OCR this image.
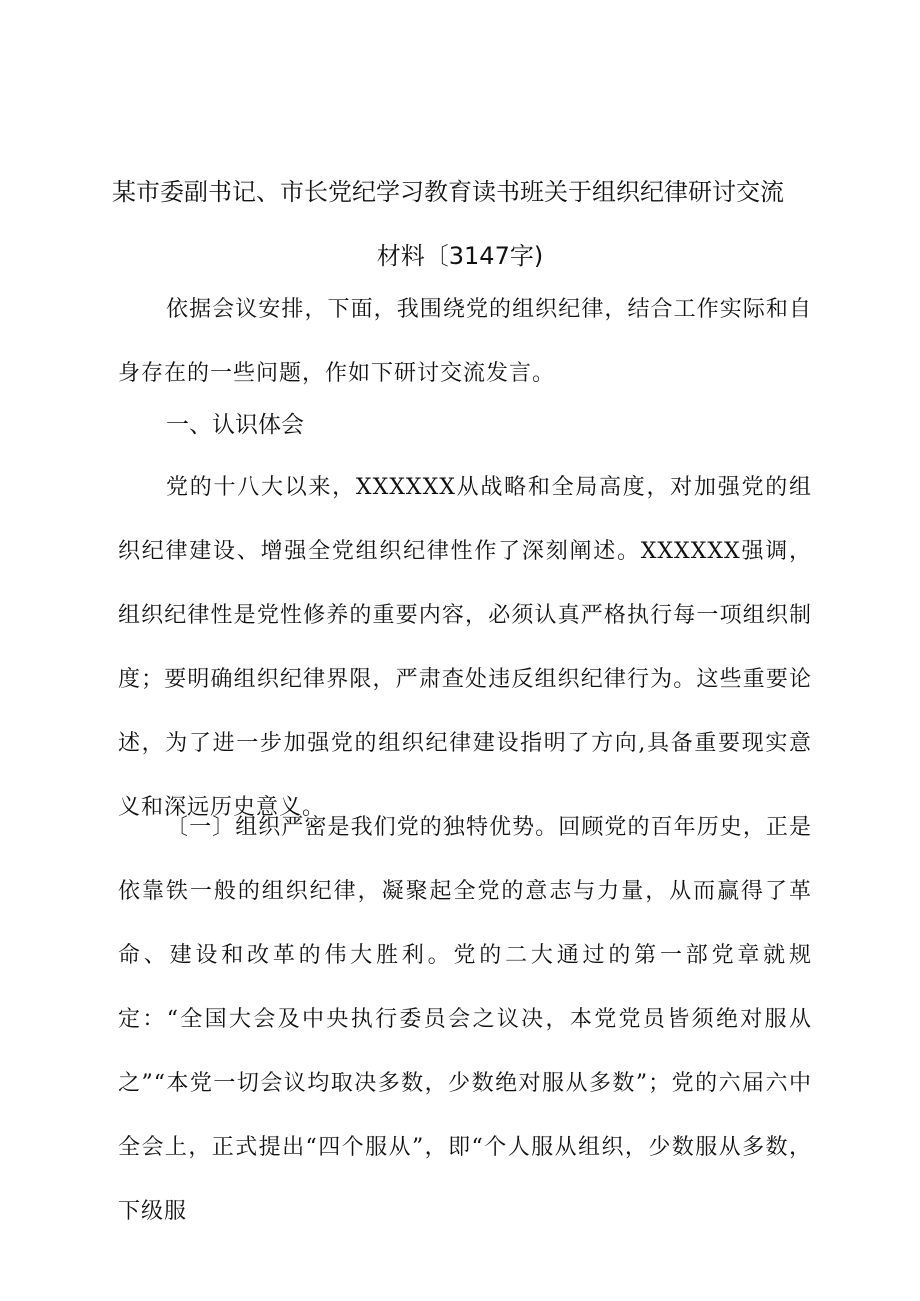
某市委副书记、市长党纪学习教育读书班关于组织纪律研讨交流
材料〔3147字)
依据会议安排，下面，我围绕党的组织纪律，结合工作实际和自身存在的一些问题，作如下研讨交流发言。
一、认识体会
党的十八大以来，XXXXXX从战略和全局高度，对加强党的组织纪律建设、增强全党组织纪律性作了深刻阐述。XXXXXX强调，组织纪律性是党性修养的重要内容，必须认真严格执行每一项组织制度；要明确组织纪律界限，严肃查处违反组织纪律行为。这些重要论述，为了进一步加强党的组织纪律建设指明了方向,具备重要现实意义和深远历史意义。
〔一〕组织严密是我们党的独特优势。回顾党的百年历史，正是依靠铁一般的组织纪律，凝聚起全党的意志与力量，从而赢得了革命、建设和改革的伟大胜利。党的二大通过的第一部党章就规定：“全国大会及中央执行委员会之议决，本党党员皆须绝对服从之”“本党一切会议均取决多数，少数绝对服从多数”；党的六届六中全会上，正式提出“四个服从”，即“个人服从组织，少数服从多数，下级服
